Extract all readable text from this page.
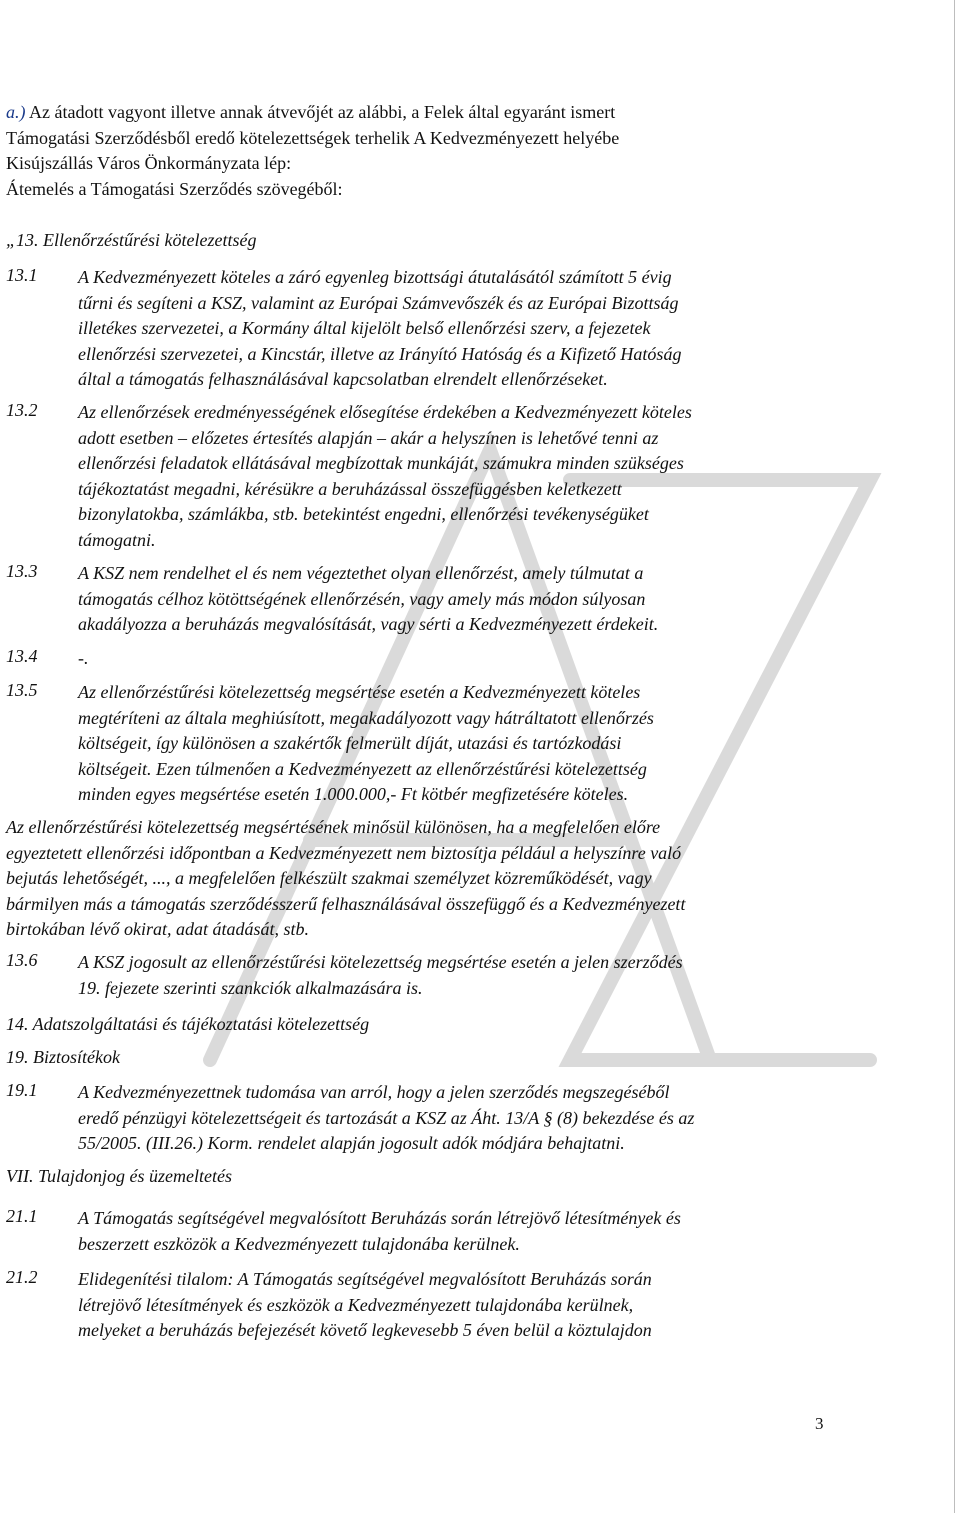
a.) Az átadott vagyont illetve annak átvevőjét az alábbi, a Felek által egyaránt ismert
Támogatási Szerződésből eredő kötelezettségek terhelik A Kedvezményezett helyébe
Kisújszállás Város Önkormányzata lép:
Átemelés a Támogatási Szerződés szövegéből:
„13. Ellenőrzéstűrési kötelezettség
13.1 A Kedvezményezett köteles a záró egyenleg bizottsági átutalásától számított 5 évig
tűrni és segíteni a KSZ, valamint az Európai Számvevőszék és az Európai Bizottság
illetékes szervezetei, a Kormány által kijelölt belső ellenőrzési szerv, a fejezetek
ellenőrzési szervezetei, a Kincstár, illetve az Irányító Hatóság és a Kifizető Hatóság
által a támogatás felhasználásával kapcsolatban elrendelt ellenőrzéseket.
13.2 Az ellenőrzések eredményességének elősegítése érdekében a Kedvezményezett köteles
adott esetben – előzetes értesítés alapján – akár a helyszínen is lehetővé tenni az
ellenőrzési feladatok ellátásával megbízottak munkáját, számukra minden szükséges
tájékoztatást megadni, kérésükre a beruházással összefüggésben keletkezett
bizonylatokba, számlákba, stb. betekintést engedni, ellenőrzési tevékenységüket
támogatni.
13.3 A KSZ nem rendelhet el és nem végeztethet olyan ellenőrzést, amely túlmutat a
támogatás célhoz kötöttségének ellenőrzésén, vagy amely más módon súlyosan
akadályozza a beruházás megvalósítását, vagy sérti a Kedvezményezett érdekeit.
13.4 -.
13.5 Az ellenőrzéstűrési kötelezettség megsértése esetén a Kedvezményezett köteles
megtéríteni az általa meghiúsított, megakadályozott vagy hátráltatott ellenőrzés
költségeit, így különösen a szakértők felmerült díját, utazási és tartózkodási
költségeit. Ezen túlmenően a Kedvezményezett az ellenőrzéstűrési kötelezettség
minden egyes megsértése esetén 1.000.000,- Ft kötbér megfizetésére köteles.
Az ellenőrzéstűrési kötelezettség megsértésének minősül különösen, ha a megfelelően előre
egyeztetett ellenőrzési időpontban a Kedvezményezett nem biztosítja például a helyszínre való
bejutás lehetőségét, ..., a megfelelően felkészült szakmai személyzet közreműködését, vagy
bármilyen más a támogatás szerződésszerű felhasználásával összefüggő és a Kedvezményezett
birtokában lévő okirat, adat átadását, stb.
13.6 A KSZ jogosult az ellenőrzéstűrési kötelezettség megsértése esetén a jelen szerződés
19. fejezete szerinti szankciók alkalmazására is.
14. Adatszolgáltatási és tájékoztatási kötelezettség
19. Biztosítékok
19.1 A Kedvezményezettnek tudomása van arról, hogy a jelen szerződés megszegéséből
eredő pénzügyi kötelezettségeit és tartozását a KSZ az Áht. 13/A § (8) bekezdése és az
55/2005. (III.26.) Korm. rendelet alapján jogosult adók módjára behajtatni.
VII. Tulajdonjog és üzemeltetés
21.1 A Támogatás segítségével megvalósított Beruházás során létrejövő létesítmények és
beszerzett eszközök a Kedvezményezett tulajdonába kerülnek.
21.2 Elidegenítési tilalom: A Támogatás segítségével megvalósított Beruházás során
létrejövő létesítmények és eszközök a Kedvezményezett tulajdonába kerülnek,
melyeket a beruházás befejezését követő legkevesebb 5 éven belül a köztulajdon
3
